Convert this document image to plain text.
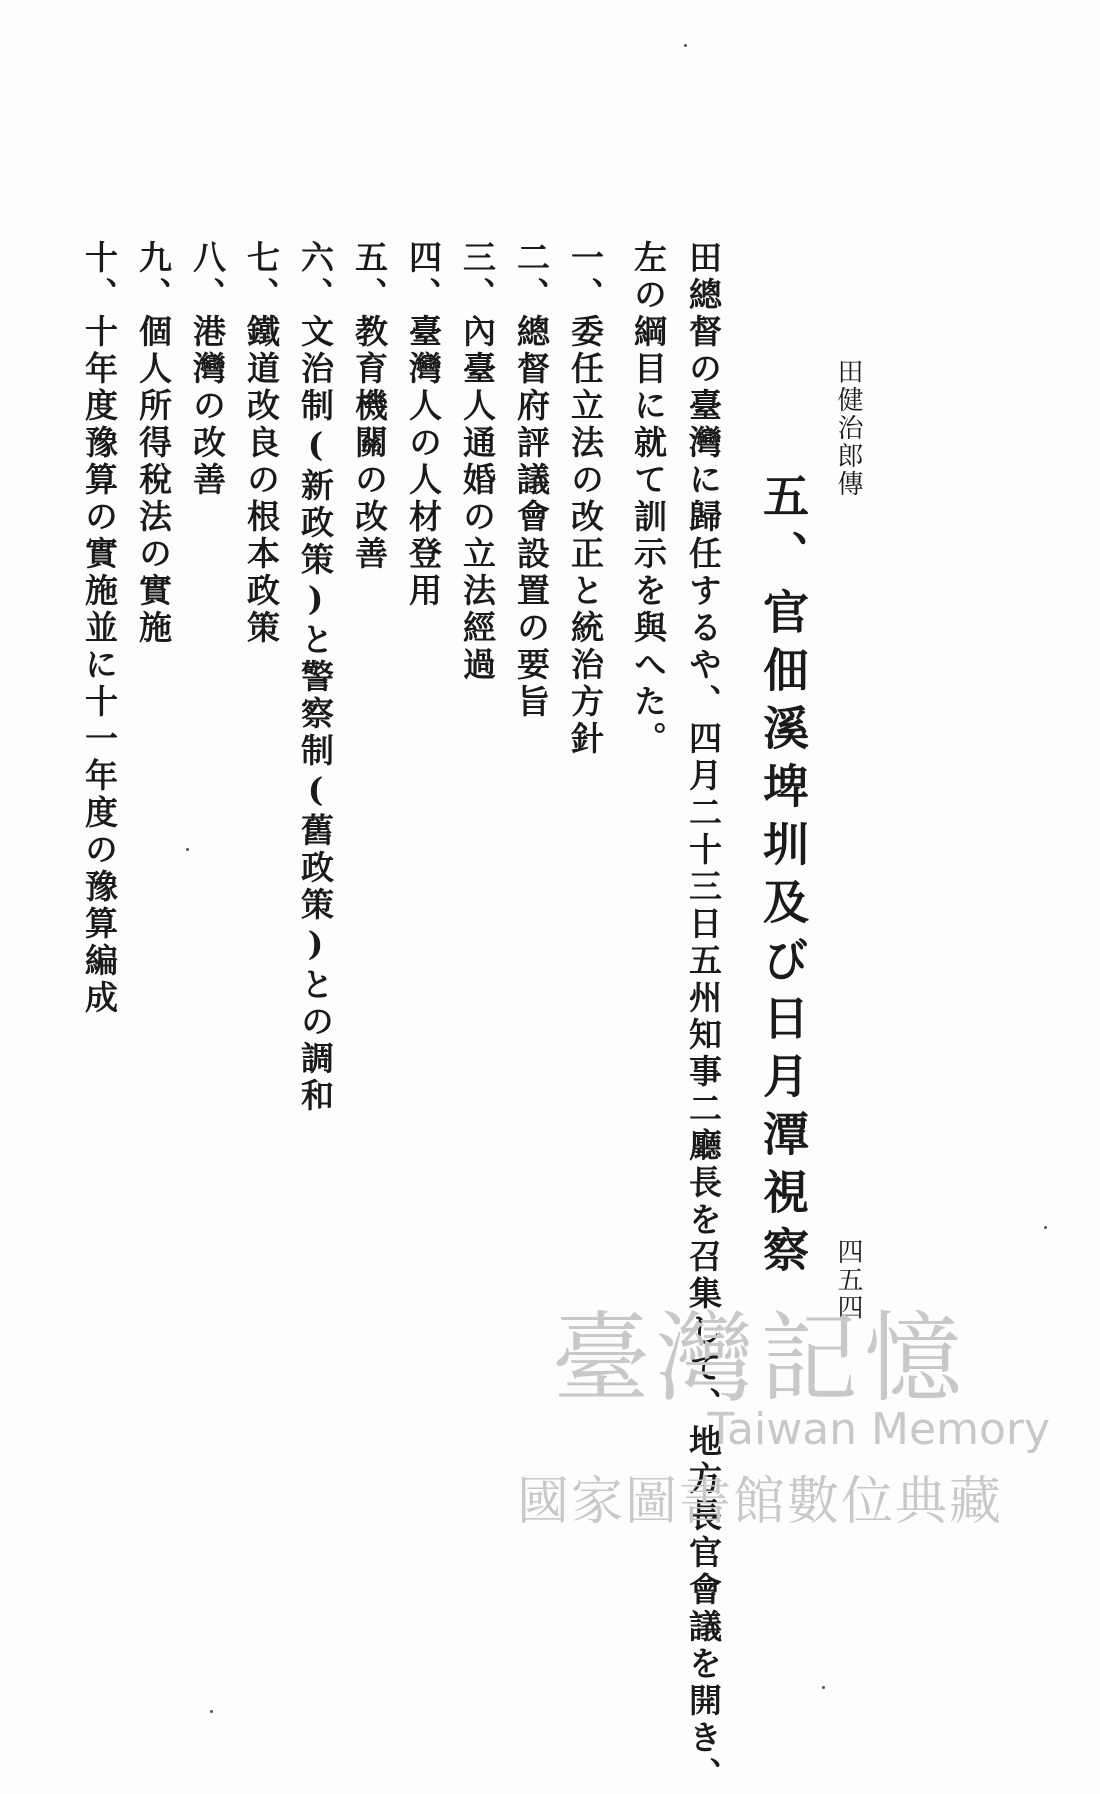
田健治郎傳
四五四
五、官佃溪埤圳及び日月潭視察
田總督の臺灣に歸任するや、四月二十三日五州知事二廳長を召集して、地方長官會議を開き、
左の綱目に就て訓示を與へた。
一、委任立法の改正と統治方針
二、總督府評議會設置の要旨
三、內臺人通婚の立法經過
四、臺灣人の人材登用
五、教育機關の改善
六、文治制(新政策)と警察制(舊政策)との調和
七、鐵道改良の根本政策
八、港灣の改善
九、個人所得稅法の實施
十、十年度豫算の實施並に十一年度の豫算編成
臺灣記憶
Taiwan Memory
國家圖書館數位典藏
